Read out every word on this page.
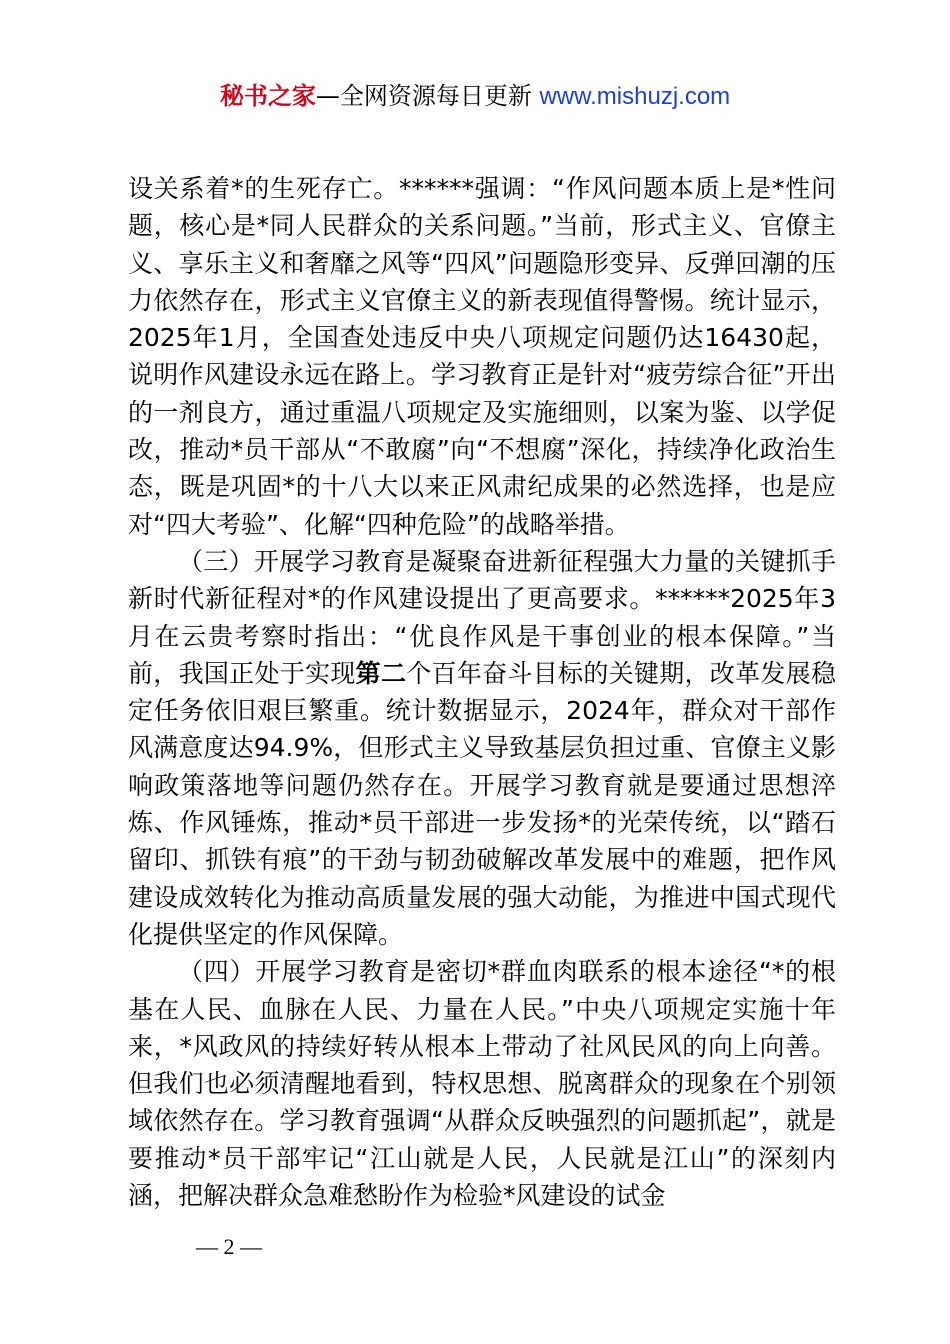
秘书之家—全网资源每日更新 www.mishuzj.com

设关系着*的生死存亡。******强调：“作风问题本质上是*性问题，核心是*同人民群众的关系问题。”当前，形式主义、官僚主义、享乐主义和奢靡之风等“四风”问题隐形变异、反弹回潮的压力依然存在，形式主义官僚主义的新表现值得警惕。统计显示，2025年1月，全国查处违反中央八项规定问题仍达16430起，说明作风建设永远在路上。学习教育正是针对“疲劳综合征”开出的一剂良方，通过重温八项规定及实施细则，以案为鉴、以学促改，推动*员干部从“不敢腐”向“不想腐”深化，持续净化政治生态，既是巩固*的十八大以来正风肃纪成果的必然选择，也是应对“四大考验”、化解“四种危险”的战略举措。

（三）开展学习教育是凝聚奋进新征程强大力量的关键抓手新时代新征程对*的作风建设提出了更高要求。******2025年3月在云贵考察时指出：“优良作风是干事创业的根本保障。”当前，我国正处于实现第二个百年奋斗目标的关键期，改革发展稳定任务依旧艰巨繁重。统计数据显示，2024年，群众对干部作风满意度达94.9%，但形式主义导致基层负担过重、官僚主义影响政策落地等问题仍然存在。开展学习教育就是要通过思想淬炼、作风锤炼，推动*员干部进一步发扬*的光荣传统，以“踏石留印、抓铁有痕”的干劲与韧劲破解改革发展中的难题，把作风建设成效转化为推动高质量发展的强大动能，为推进中国式现代化提供坚定的作风保障。

（四）开展学习教育是密切*群血肉联系的根本途径“*的根基在人民、血脉在人民、力量在人民。”中央八项规定实施十年来，*风政风的持续好转从根本上带动了社风民风的向上向善。但我们也必须清醒地看到，特权思想、脱离群众的现象在个别领域依然存在。学习教育强调“从群众反映强烈的问题抓起”，就是要推动*员干部牢记“江山就是人民，人民就是江山”的深刻内涵，把解决群众急难愁盼作为检验*风建设的试金

— 2 —
